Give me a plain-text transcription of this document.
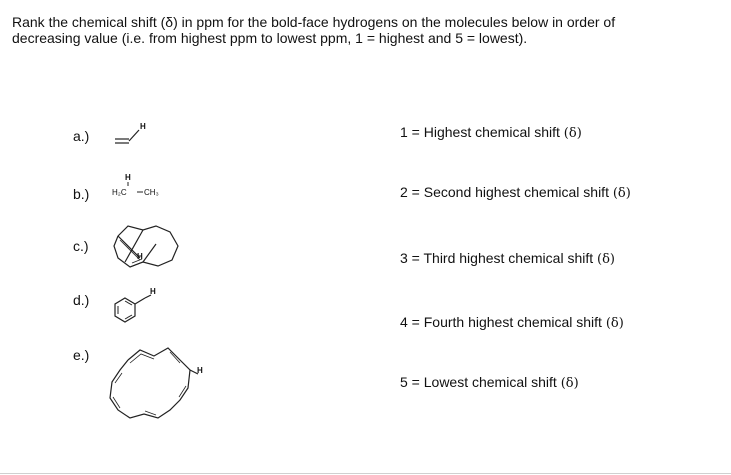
Rank the chemical shift (δ) in ppm for the bold-face hydrogens on the molecules below in order of
decreasing value (i.e. from highest ppm to lowest ppm, 1 = highest and 5 = lowest).
a.)
H
b.)
H
H₂C CH₃
c.)
H
d.)
H
e.)
H
1 = Highest chemical shift (δ)
2 = Second highest chemical shift (δ)
3 = Third highest chemical shift (δ)
4 = Fourth highest chemical shift (δ)
5 = Lowest chemical shift (δ)
